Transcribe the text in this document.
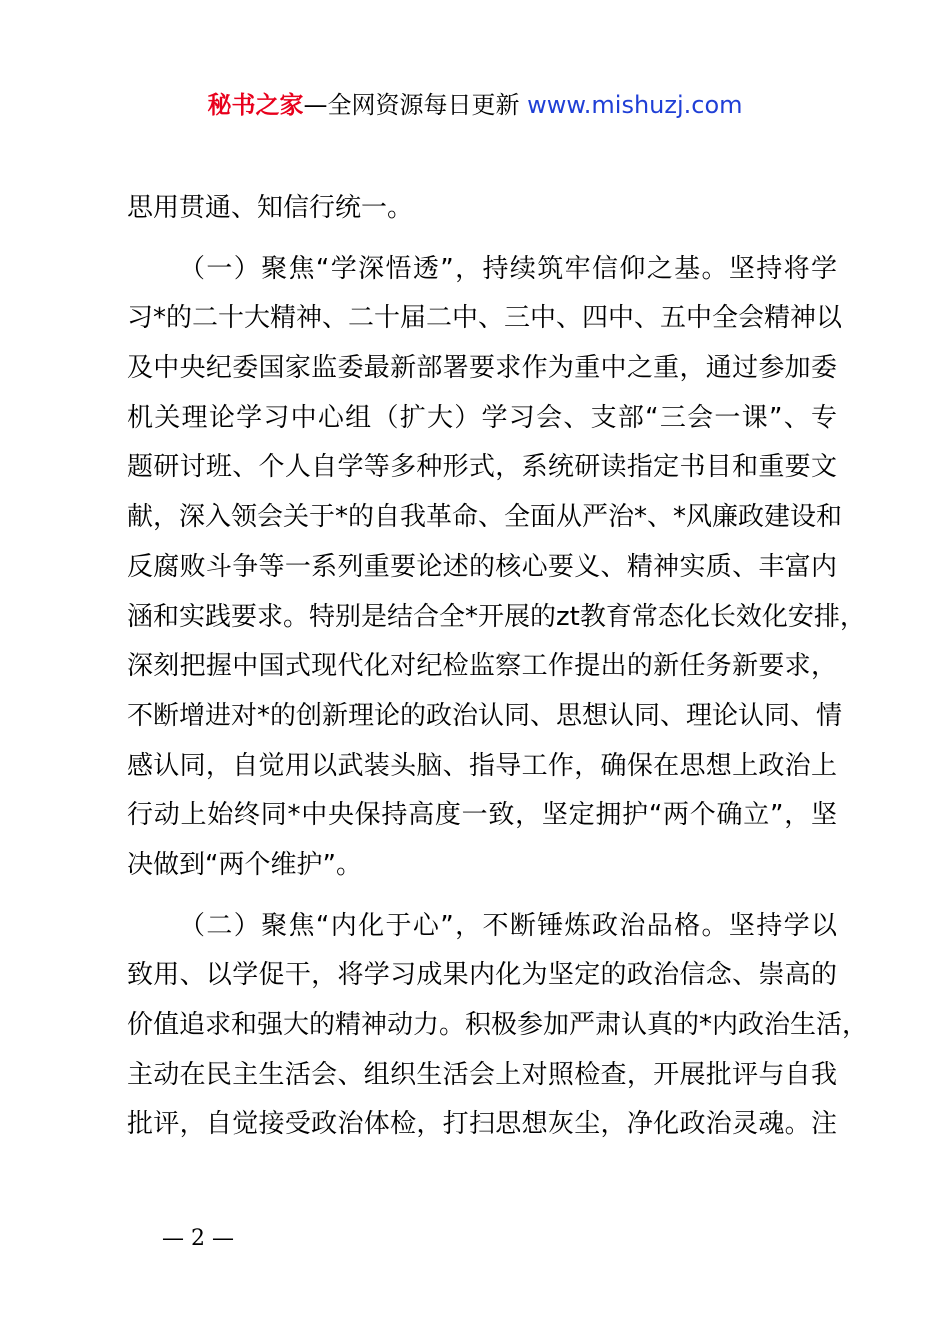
秘书之家—全网资源每日更新 www.mishuzj.com
思用贯通、知信行统一。
（一）聚焦“学深悟透”，持续筑牢信仰之基。坚持将学
习*的二十大精神、二十届二中、三中、四中、五中全会精神以
及中央纪委国家监委最新部署要求作为重中之重，通过参加委
机关理论学习中心组（扩大）学习会、支部“三会一课”、专
题研讨班、个人自学等多种形式，系统研读指定书目和重要文
献，深入领会关于*的自我革命、全面从严治*、*风廉政建设和
反腐败斗争等一系列重要论述的核心要义、精神实质、丰富内
涵和实践要求。特别是结合全*开展的zt教育常态化长效化安排，
深刻把握中国式现代化对纪检监察工作提出的新任务新要求，
不断增进对*的创新理论的政治认同、思想认同、理论认同、情
感认同，自觉用以武装头脑、指导工作，确保在思想上政治上
行动上始终同*中央保持高度一致，坚定拥护“两个确立”，坚
决做到“两个维护”。
（二）聚焦“内化于心”，不断锤炼政治品格。坚持学以
致用、以学促干，将学习成果内化为坚定的政治信念、崇高的
价值追求和强大的精神动力。积极参加严肃认真的*内政治生活，
主动在民主生活会、组织生活会上对照检查，开展批评与自我
批评，自觉接受政治体检，打扫思想灰尘，净化政治灵魂。注
— 2 —
